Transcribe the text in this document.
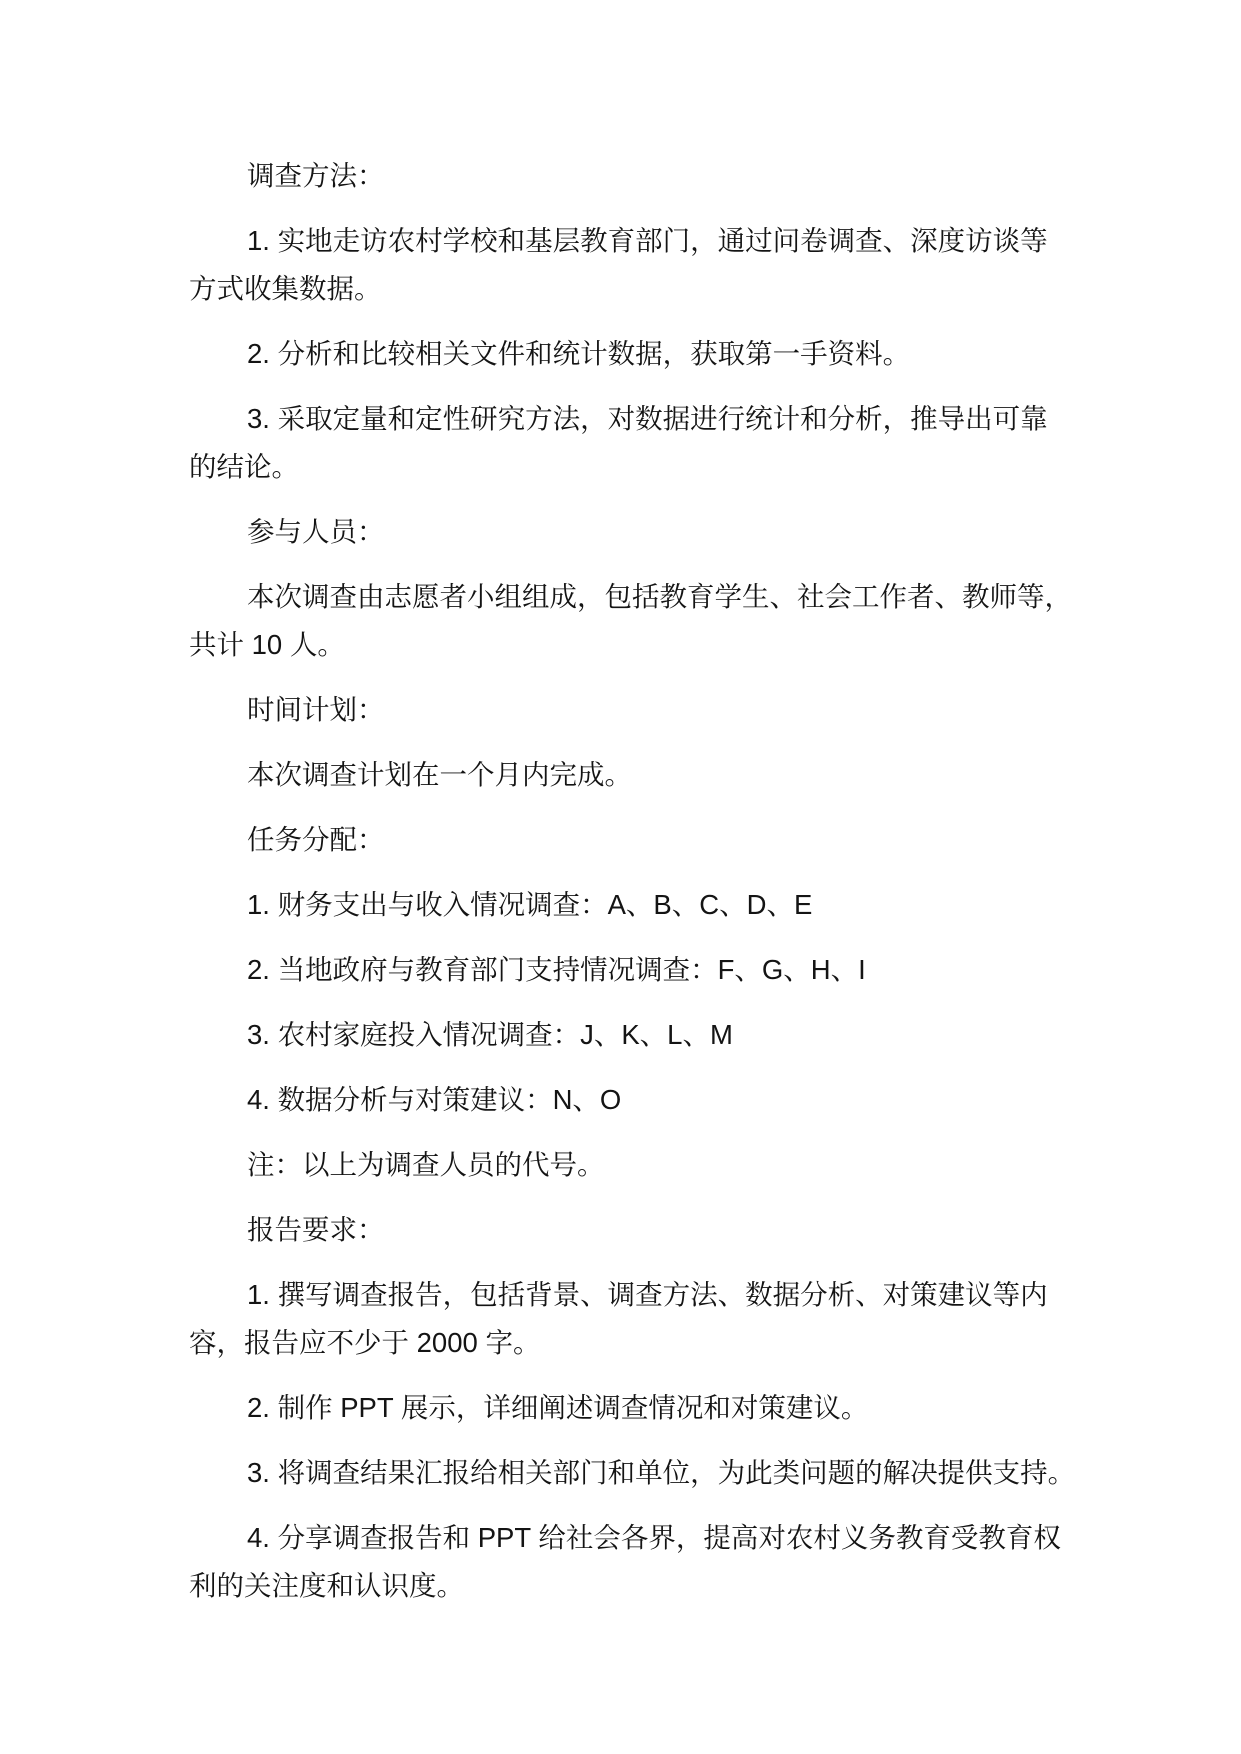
调查方法：
1. 实地走访农村学校和基层教育部门，通过问卷调查、深度访谈等
方式收集数据。
2. 分析和比较相关文件和统计数据，获取第一手资料。
3. 采取定量和定性研究方法，对数据进行统计和分析，推导出可靠
的结论。
参与人员：
本次调查由志愿者小组组成，包括教育学生、社会工作者、教师等，
共计 10 人。
时间计划：
本次调查计划在一个月内完成。
任务分配：
1. 财务支出与收入情况调查：A、B、C、D、E
2. 当地政府与教育部门支持情况调查：F、G、H、I
3. 农村家庭投入情况调查：J、K、L、M
4. 数据分析与对策建议：N、O
注：以上为调查人员的代号。
报告要求：
1. 撰写调查报告，包括背景、调查方法、数据分析、对策建议等内
容，报告应不少于 2000 字。
2. 制作 PPT 展示，详细阐述调查情况和对策建议。
3. 将调查结果汇报给相关部门和单位，为此类问题的解决提供支持。
4. 分享调查报告和 PPT 给社会各界，提高对农村义务教育受教育权
利的关注度和认识度。
